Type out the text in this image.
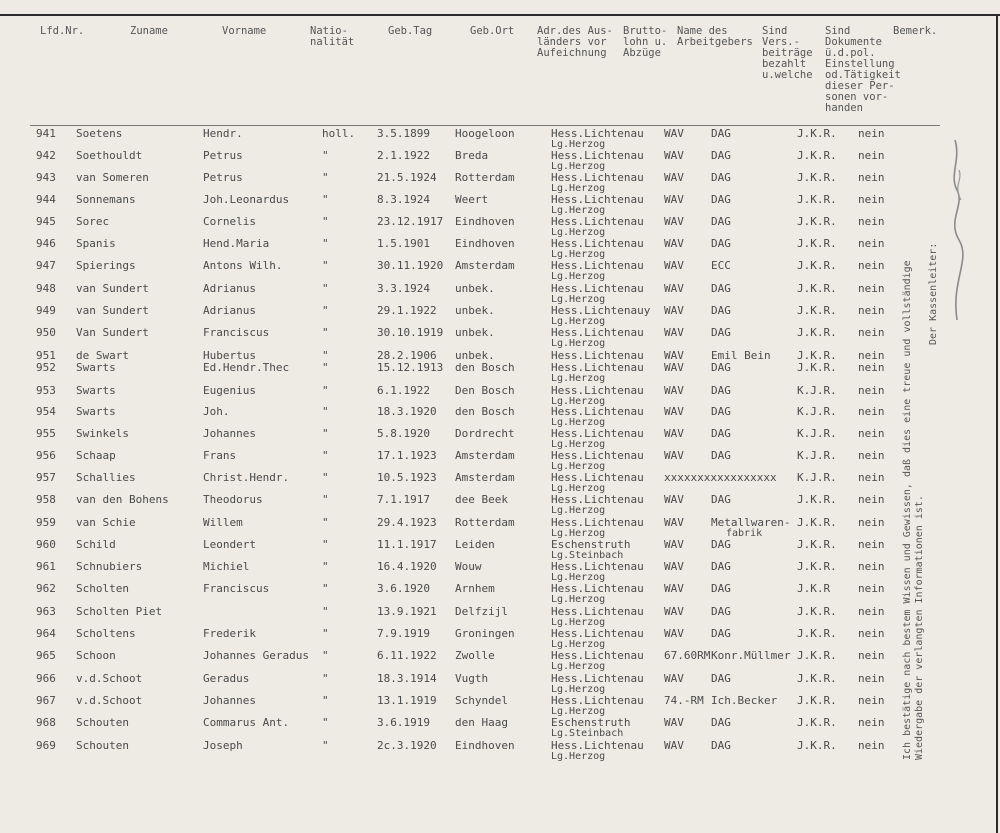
Lfd.Nr.	Zuname	Vorname	Natio-
nalität
Geb.Tag	Geb.Ort Adr.des Aus-
länders vor
Aufeichnung
Brutto-
lohn u.
Abzüge
Name des
Arbeitgebers
Sind
Vers.-
beiträge
bezahlt
u.welche
Sind
Dokumente
ü.d.pol.
Einstellung
od.Tätigkeit
dieser Per-
sonen vor-
handen
Bemerk.
941 Soetens	Hendr.	holl. 3.5.1899 Hoogeloon	Hess.Lichtenau WAV DAG	J.K.R. nein
Lg.Herzog
942 Soethouldt	Petrus	"	2.1.1922 Breda	Hess.Lichtenau WAV DAG	J.K.R. nein
Lg.Herzog
943 van Someren	Petrus	"	21.5.1924 Rotterdam	Hess.Lichtenau WAV DAG	J.K.R. nein
Lg.Herzog
944 Sonnemans	Joh.Leonardus	"	8.3.1924 Weert	Hess.Lichtenau WAV DAG	J.K.R. nein
Lg.Herzog
945 Sorec	Cornelis	"	23.12.1917 Eindhoven	Hess.Lichtenau WAV DAG	J.K.R. nein
Lg.Herzog
946 Spanis	Hend.Maria	"	1.5.1901 Eindhoven	Hess.Lichtenau WAV DAG	J.K.R. nein
Lg.Herzog
947 Spierings	Antons Wilh.	"	30.11.1920 Amsterdam	Hess.Lichtenau WAV ECC	J.K.R. nein
Lg.Herzog
948 van Sundert	Adrianus	"	3.3.1924 unbek.	Hess.Lichtenau WAV DAG	J.K.R. nein
Lg.Herzog
949 van Sundert	Adrianus	"	29.1.1922 unbek.	Hess.Lichtenauy WAV DAG	J.K.R. nein
Lg.Herzog
950 Van Sundert	Franciscus	"	30.10.1919 unbek.	Hess.Lichtenau WAV DAG	J.K.R. nein
Lg.Herzog
951 de Swart	Hubertus	"	28.2.1906 unbek.	Hess.Lichtenau WAV Emil Bein J.K.R. nein
952 Swarts	Ed.Hendr.Thec	"	15.12.1913 den Bosch	Hess.Lichtenau WAV DAG	J.K.R. nein
Lg.Herzog
953 Swarts	Eugenius	"	6.1.1922 Den Bosch	Hess.Lichtenau WAV DAG	K.J.R. nein
Lg.Herzog
954 Swarts	Joh.	"	18.3.1920 den Bosch	Hess.Lichtenau WAV DAG	K.J.R. nein
Lg.Herzog
955 Swinkels	Johannes	"	5.8.1920 Dordrecht	Hess.Lichtenau WAV DAG	K.J.R. nein
Lg.Herzog
956 Schaap	Frans	"	17.1.1923 Amsterdam	Hess.Lichtenau WAV DAG	K.J.R. nein
Lg.Herzog
957 Schallies	Christ.Hendr.	"	10.5.1923 Amsterdam	Hess.Lichtenau xxxxxxxxxxxxxxxxx K.J.R. nein
Lg.Herzog
958 van den Bohens	Theodorus	"	7.1.1917 dee Beek	Hess.Lichtenau WAV DAG	J.K.R. nein
Lg.Herzog
959 van Schie	Willem	"	29.4.1923 Rotterdam	Hess.Lichtenau WAV Metallwaren- J.K.R. nein
Lg.Herzog	fabrik
960 Schild	Leondert	"	11.1.1917 Leiden	Eschenstruth	WAV DAG	J.K.R. nein
Lg.Steinbach
961 Schnubiers	Michiel	"	16.4.1920 Wouw	Hess.Lichtenau WAV DAG	J.K.R. nein
Lg.Herzog
962 Scholten	Franciscus	"	3.6.1920 Arnhem	Hess.Lichtenau WAV DAG	J.K.R	nein
Lg.Herzog
963 Scholten Piet	"	13.9.1921 Delfzijl	Hess.Lichtenau WAV DAG	J.K.R. nein
Lg.Herzog
964 Scholtens	Frederik	"	7.9.1919 Groningen	Hess.Lichtenau WAV DAG	J.K.R. nein
Lg.Herzog
965 Schoon	Johannes Geradus "	6.11.1922 Zwolle	Hess.Lichtenau 67.60RM Konr.Müllmer J.K.R. nein
Lg.Herzog
966 v.d.Schoot	Geradus	"	18.3.1914 Vugth	Hess.Lichtenau WAV DAG	J.K.R. nein
Lg.Herzog
967 v.d.Schoot	Johannes	"	13.1.1919 Schyndel	Hess.Lichtenau 74.-RM Ich.Becker J.K.R. nein
Lg.Herzog
968 Schouten	Commarus Ant.	"	3.6.1919 den Haag	Eschenstruth	WAV DAG	J.K.R. nein
Lg.Steinbach
969 Schouten	Joseph	"	2c.3.1920 Eindhoven	Hess.Lichtenau WAV DAG	J.K.R. nein
Lg.Herzog	Ich bestätige nach bestem Wissen und Gewissen, daß dies eine treue und vollständige Wiedergabe der verlangten Informationen ist.
Der Kassenleiter:
